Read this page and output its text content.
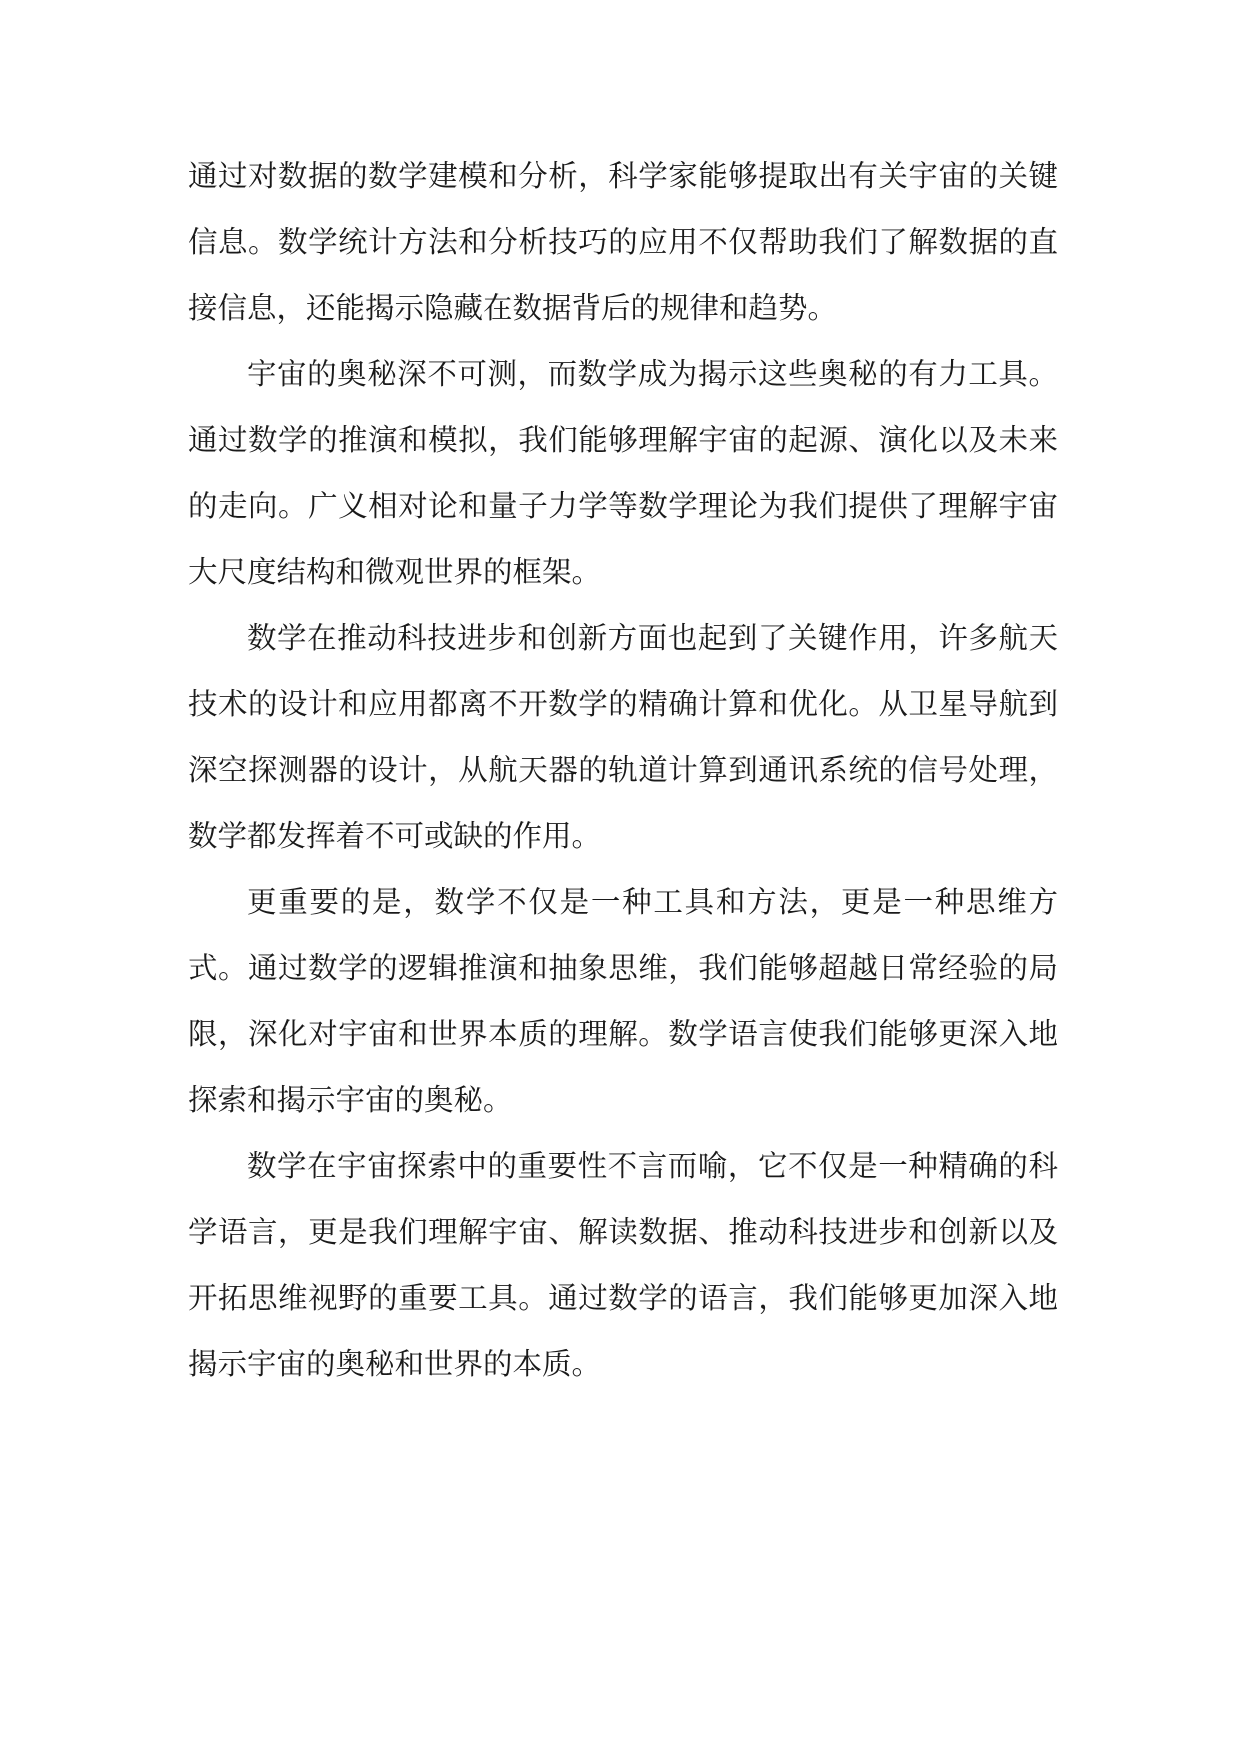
通过对数据的数学建模和分析，科学家能够提取出有关宇宙的关键信息。数学统计方法和分析技巧的应用不仅帮助我们了解数据的直接信息，还能揭示隐藏在数据背后的规律和趋势。

宇宙的奥秘深不可测，而数学成为揭示这些奥秘的有力工具。通过数学的推演和模拟，我们能够理解宇宙的起源、演化以及未来的走向。广义相对论和量子力学等数学理论为我们提供了理解宇宙大尺度结构和微观世界的框架。

数学在推动科技进步和创新方面也起到了关键作用，许多航天技术的设计和应用都离不开数学的精确计算和优化。从卫星导航到深空探测器的设计，从航天器的轨道计算到通讯系统的信号处理，数学都发挥着不可或缺的作用。

更重要的是，数学不仅是一种工具和方法，更是一种思维方式。通过数学的逻辑推演和抽象思维，我们能够超越日常经验的局限，深化对宇宙和世界本质的理解。数学语言使我们能够更深入地探索和揭示宇宙的奥秘。

数学在宇宙探索中的重要性不言而喻，它不仅是一种精确的科学语言，更是我们理解宇宙、解读数据、推动科技进步和创新以及开拓思维视野的重要工具。通过数学的语言，我们能够更加深入地揭示宇宙的奥秘和世界的本质。
